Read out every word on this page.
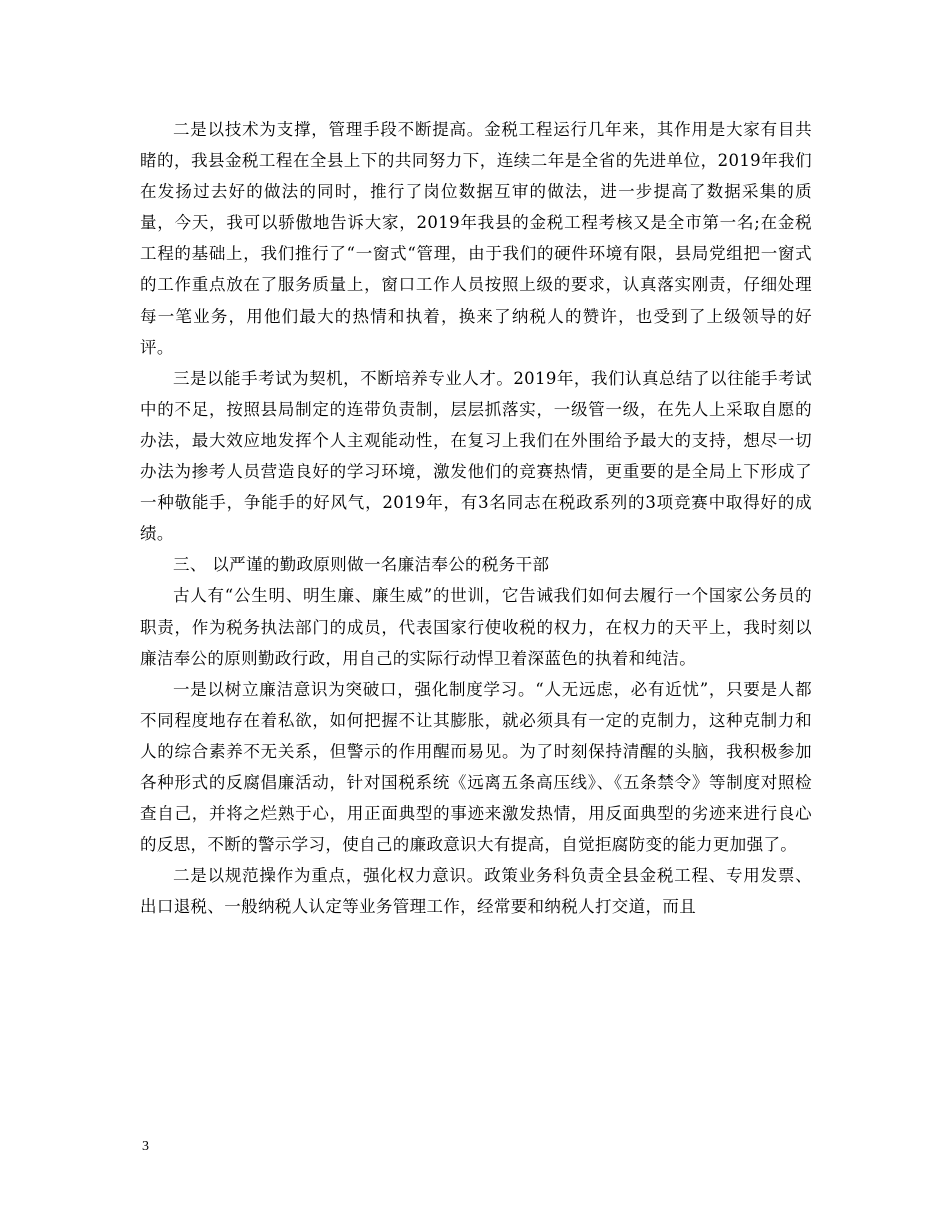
二是以技术为支撑，管理手段不断提高。金税工程运行几年来，其作用是大家有目共睹的，我县金税工程在全县上下的共同努力下，连续二年是全省的先进单位，2019年我们在发扬过去好的做法的同时，推行了岗位数据互审的做法，进一步提高了数据采集的质量，今天，我可以骄傲地告诉大家，2019年我县的金税工程考核又是全市第一名;在金税工程的基础上，我们推行了“一窗式“管理，由于我们的硬件环境有限，县局党组把一窗式的工作重点放在了服务质量上，窗口工作人员按照上级的要求，认真落实刚责，仔细处理每一笔业务，用他们最大的热情和执着，换来了纳税人的赞许，也受到了上级领导的好评。

三是以能手考试为契机，不断培养专业人才。2019年，我们认真总结了以往能手考试中的不足，按照县局制定的连带负责制，层层抓落实，一级管一级，在先人上采取自愿的办法，最大效应地发挥个人主观能动性，在复习上我们在外围给予最大的支持，想尽一切办法为掺考人员营造良好的学习环境，激发他们的竞赛热情，更重要的是全局上下形成了一种敬能手，争能手的好风气，2019年，有3名同志在税政系列的3项竞赛中取得好的成绩。

三、 以严谨的勤政原则做一名廉洁奉公的税务干部

古人有“公生明、明生廉、廉生威”的世训，它告诫我们如何去履行一个国家公务员的职责，作为税务执法部门的成员，代表国家行使收税的权力，在权力的天平上，我时刻以廉洁奉公的原则勤政行政，用自己的实际行动悍卫着深蓝色的执着和纯洁。

一是以树立廉洁意识为突破口，强化制度学习。“人无远虑，必有近忧”，只要是人都不同程度地存在着私欲，如何把握不让其膨胀，就必须具有一定的克制力，这种克制力和人的综合素养不无关系，但警示的作用醒而易见。为了时刻保持清醒的头脑，我积极参加各种形式的反腐倡廉活动，针对国税系统《远离五条高压线》、《五条禁令》等制度对照检查自己，并将之烂熟于心，用正面典型的事迹来激发热情，用反面典型的劣迹来进行良心的反思，不断的警示学习，使自己的廉政意识大有提高，自觉拒腐防变的能力更加强了。

二是以规范操作为重点，强化权力意识。政策业务科负责全县金税工程、专用发票、出口退税、一般纳税人认定等业务管理工作，经常要和纳税人打交道，而且

3
